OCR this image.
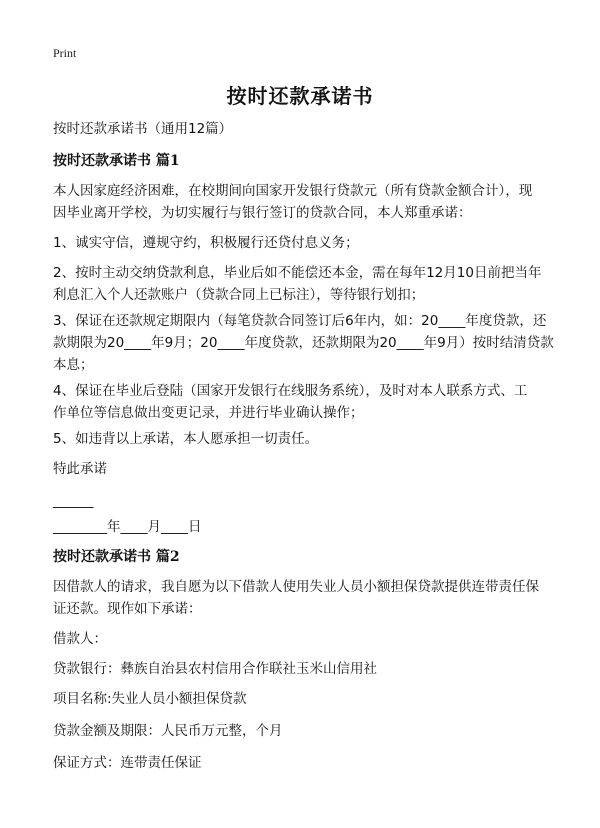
Print
按时还款承诺书
按时还款承诺书（通用12篇）
按时还款承诺书 篇1
本人因家庭经济困难，在校期间向国家开发银行贷款元（所有贷款金额合计），现
因毕业离开学校，为切实履行与银行签订的贷款合同，本人郑重承诺：
1、诚实守信，遵规守约，积极履行还贷付息义务；
2、按时主动交纳贷款利息，毕业后如不能偿还本金，需在每年12月10日前把当年
利息汇入个人还款账户（贷款合同上已标注），等待银行划扣；
3、保证在还款规定期限内（每笔贷款合同签订后6年内，如：20____年度贷款，还
款期限为20____年9月；20____年度贷款，还款期限为20____年9月）按时结清贷款
本息；
4、保证在毕业后登陆（国家开发银行在线服务系统），及时对本人联系方式、工
作单位等信息做出变更记录，并进行毕业确认操作；
5、如违背以上承诺，本人愿承担一切责任。
特此承诺
______
________年____月____日
按时还款承诺书 篇2
因借款人的请求，我自愿为以下借款人使用失业人员小额担保贷款提供连带责任保
证还款。现作如下承诺：
借款人：
贷款银行：彝族自治县农村信用合作联社玉米山信用社
项目名称:失业人员小额担保贷款
贷款金额及期限：人民币万元整，个月
保证方式：连带责任保证
